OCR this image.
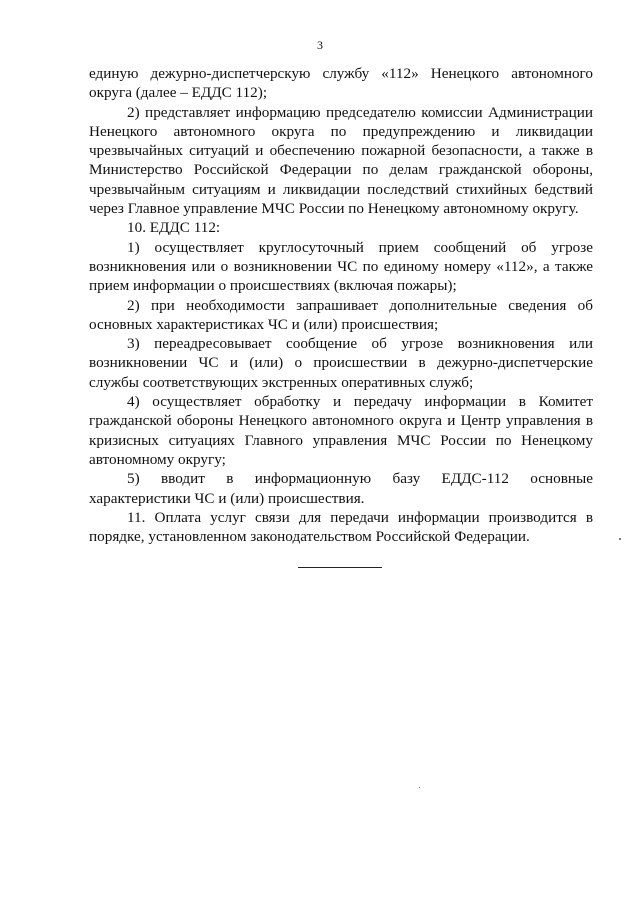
3

единую дежурно-диспетчерскую службу «112» Ненецкого автономного округа (далее – ЕДДС 112);

2) представляет информацию председателю комиссии Администрации Ненецкого автономного округа по предупреждению и ликвидации чрезвычайных ситуаций и обеспечению пожарной безопасности, а также в Министерство Российской Федерации по делам гражданской обороны, чрезвычайным ситуациям и ликвидации последствий стихийных бедствий через Главное управление МЧС России по Ненецкому автономному округу.

10. ЕДДС 112:

1) осуществляет круглосуточный прием сообщений об угрозе возникновения или о возникновении ЧС по единому номеру «112», а также прием информации о происшествиях (включая пожары);

2) при необходимости запрашивает дополнительные сведения об основных характеристиках ЧС и (или) происшествия;

3) переадресовывает сообщение об угрозе возникновения или возникновении ЧС и (или) о происшествии в дежурно-диспетчерские службы соответствующих экстренных оперативных служб;

4) осуществляет обработку и передачу информации в Комитет гражданской обороны Ненецкого автономного округа и Центр управления в кризисных ситуациях Главного управления МЧС России по Ненецкому автономному округу;

5) вводит в информационную базу ЕДДС-112 основные характеристики ЧС и (или) происшествия.

11. Оплата услуг связи для передачи информации производится в порядке, установленном законодательством Российской Федерации.
